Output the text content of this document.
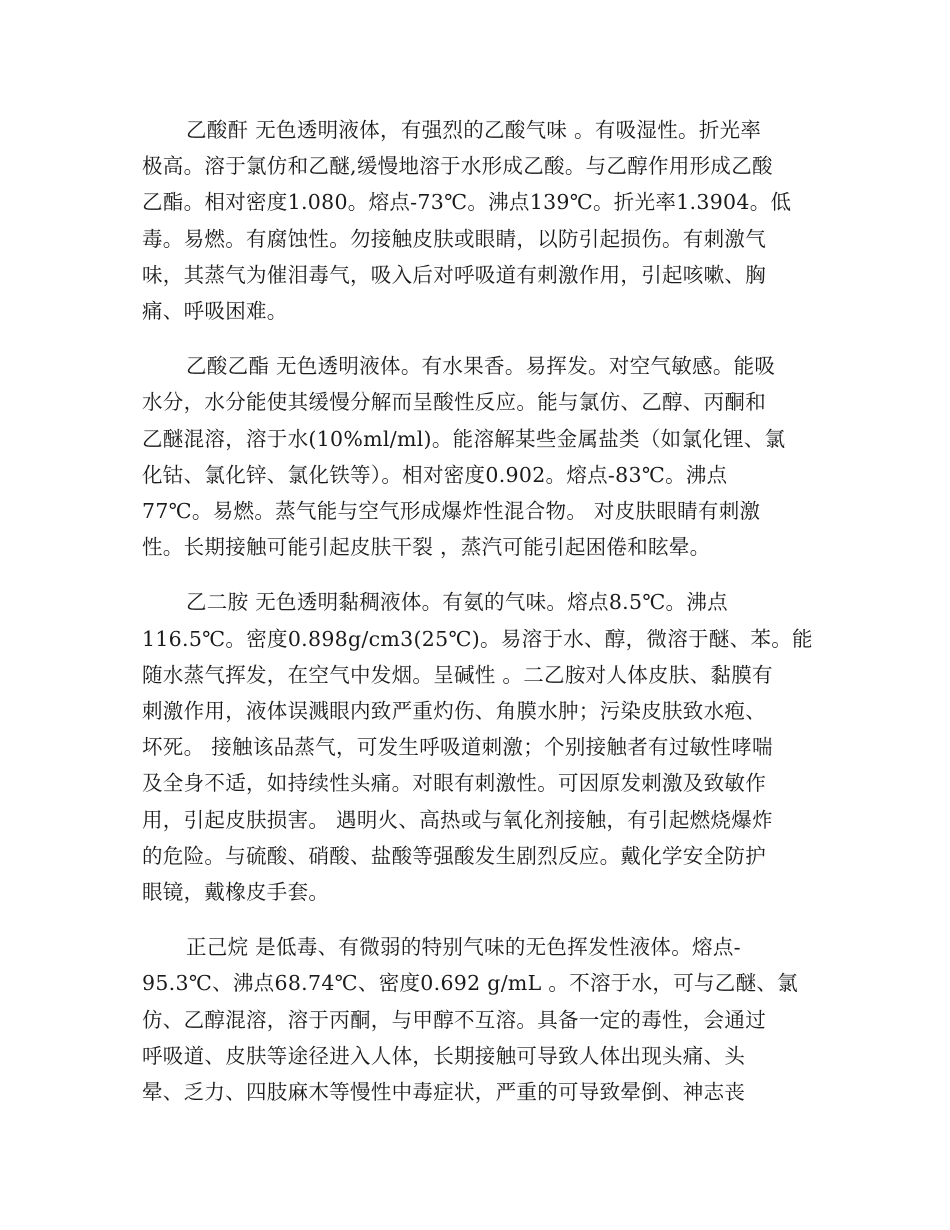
乙酸酐 无色透明液体，有强烈的乙酸气味 。有吸湿性。折光率
极高。溶于氯仿和乙醚,缓慢地溶于水形成乙酸。与乙醇作用形成乙酸
乙酯。相对密度1.080。熔点-73℃。沸点139℃。折光率1.3904。低
毒。易燃。有腐蚀性。勿接触皮肤或眼睛，以防引起损伤。有刺激气
味，其蒸气为催泪毒气，吸入后对呼吸道有刺激作用，引起咳嗽、胸
痛、呼吸困难。

乙酸乙酯 无色透明液体。有水果香。易挥发。对空气敏感。能吸
水分，水分能使其缓慢分解而呈酸性反应。能与氯仿、乙醇、丙酮和
乙醚混溶，溶于水(10%ml/ml)。能溶解某些金属盐类（如氯化锂、氯
化钴、氯化锌、氯化铁等）。相对密度0.902。熔点-83℃。沸点
77℃。易燃。蒸气能与空气形成爆炸性混合物。 对皮肤眼睛有刺激
性。长期接触可能引起皮肤干裂 ，蒸汽可能引起困倦和眩晕。

乙二胺 无色透明黏稠液体。有氨的气味。熔点8.5℃。沸点
116.5℃。密度0.898g/cm3(25℃)。易溶于水、醇，微溶于醚、苯。能
随水蒸气挥发，在空气中发烟。呈碱性 。二乙胺对人体皮肤、黏膜有
刺激作用，液体误溅眼内致严重灼伤、角膜水肿；污染皮肤致水疱、
坏死。 接触该品蒸气，可发生呼吸道刺激；个别接触者有过敏性哮喘
及全身不适，如持续性头痛。对眼有刺激性。可因原发刺激及致敏作
用，引起皮肤损害。 遇明火、高热或与氧化剂接触，有引起燃烧爆炸
的危险。与硫酸、硝酸、盐酸等强酸发生剧烈反应。戴化学安全防护
眼镜，戴橡皮手套。

正己烷 是低毒、有微弱的特别气味的无色挥发性液体。熔点-
95.3℃、沸点68.74℃、密度0.692 g/mL 。不溶于水，可与乙醚、氯
仿、乙醇混溶，溶于丙酮，与甲醇不互溶。具备一定的毒性，会通过
呼吸道、皮肤等途径进入人体，长期接触可导致人体出现头痛、头
晕、乏力、四肢麻木等慢性中毒症状，严重的可导致晕倒、神志丧
